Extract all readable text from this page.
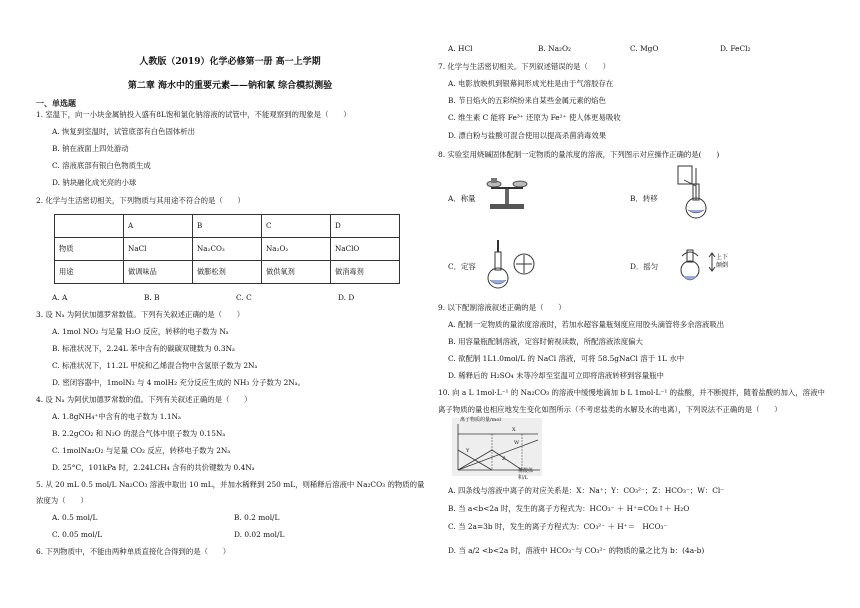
人教版（2019）化学必修第一册 高一上学期
第二章 海水中的重要元素——钠和氯 综合模拟测验
一、单选题
1. 室温下，向一小块金属钠投入盛有8L饱和氯化钠溶液的试管中，不能观察到的现象是（　　）
A. 恢复到室温时，试管底部有白色固体析出
B. 钠在液面上四处游动
C. 溶液底部有银白色物质生成
D. 钠块融化成光亮的小球
2. 化学与生活密切相关，下列物质与其用途不符合的是（　　）
	A	B	C	D
物质	NaCl	Na₂CO₃	Na₂O₂	NaClO
用途	做调味品	做膨松剂	做供氧剂	做消毒剂
A. A	B. B	C. C	D. D
3. 设 Nₐ 为阿伏加德罗常数值。下列有关叙述正确的是（　　）
A. 1mol NO₂ 与足量 H₂O 反应，转移的电子数为 Nₐ
B. 标准状况下，2.24L 苯中含有的碳碳双键数为 0.3Nₐ
C. 标准状况下，11.2L 甲烷和乙烯混合物中含氢原子数为 2Nₐ
D. 密闭容器中，1molN₂ 与 4 molH₂ 充分反应生成的 NH₃ 分子数为 2Nₐ。
4. 设 Nₐ 为阿伏加德罗常数的值。下列有关叙述正确的是（　　）
A. 1.8gNH₄⁺中含有的电子数为 1.1Nₐ
B. 2.2gCO₂ 和 N₂O 的混合气体中原子数为 0.15Nₐ
C. 1molNa₂O₂ 与足量 CO₂ 反应，转移电子数为 2Nₐ
D. 25°C，101kPa 时，2.24LCH₄ 含有的共价键数为 0.4Nₐ
5. 从 20 mL 0.5 mol/L Na₂CO₃ 溶液中取出 10 mL，并加水稀释到 250 mL，则稀释后溶液中 Na₂CO₃ 的物质的量
浓度为（　　）
A. 0.5 mol/L	B. 0.2 mol/L
C. 0.05 mol/L	D. 0.02 mol/L
6. 下列物质中，不能由两种单质直接化合得到的是（　　）
A. HCl	B. Na₂O₂	C. MgO	D. FeCl₂
7. 化学与生活密切相关。下列叙述错误的是（　　）
A. 电影放映机到银幕间形成光柱是由于气溶胶存在
B. 节日焰火的五彩缤纷来自某些金属元素的焰色
C. 维生素 C 能将 Fe³⁺ 还原为 Fe²⁺ 使人体更易吸收
D. 漂白粉与盐酸可混合使用以提高杀菌消毒效果
8. 实验室用烧碱固体配制一定物质的量浓度的溶液，下列图示对应操作正确的是(　　)
A．称量	B．转移
C．定容	D．摇匀
上下
颠倒
9. 以下配制溶液叙述正确的是（　　）
A. 配制一定物质的量浓度溶液时，若加水超容量瓶刻度应用胶头滴管将多余溶液吸出
B. 用容量瓶配制溶液，定容时俯视读数，所配溶液浓度偏大
C. 欲配制 1L1.0mol/L 的 NaCl 溶液，可将 58.5gNaCl 溶于 1L 水中
D. 稀释后的 H₂SO₄ 未等冷却至室温可立即将溶液转移到容量瓶中
10. 向 a L 1mol·L⁻¹ 的 Na₂CO₃ 的溶液中缓慢地滴加 b L 1mol·L⁻¹ 的盐酸，并不断搅拌，随着盐酸的加入，溶液中
离子物质的量也相应地发生变化如图所示（不考虑盐类的水解及水的电离），下列说法不正确的是（　　）
离子物质的量/mol
盐酸体积/L
X
Y
W
Z
A. 四条线与溶液中离子的对应关系是：X：Na⁺；Y：CO₃²⁻；Z：HCO₃⁻；W：Cl⁻
B. 当 a<b<2a 时，发生的离子方程式为：HCO₃⁻ ＋ H⁺=CO₂↑＋ H₂O
C. 当 2a=3b 时，发生的离子方程式为：CO₃²⁻ ＋ H⁺＝　HCO₃⁻
D. 当 a/2 <b<2a 时，溶液中 HCO₃⁻与 CO₃²⁻ 的物质的量之比为 b：(4a-b)
